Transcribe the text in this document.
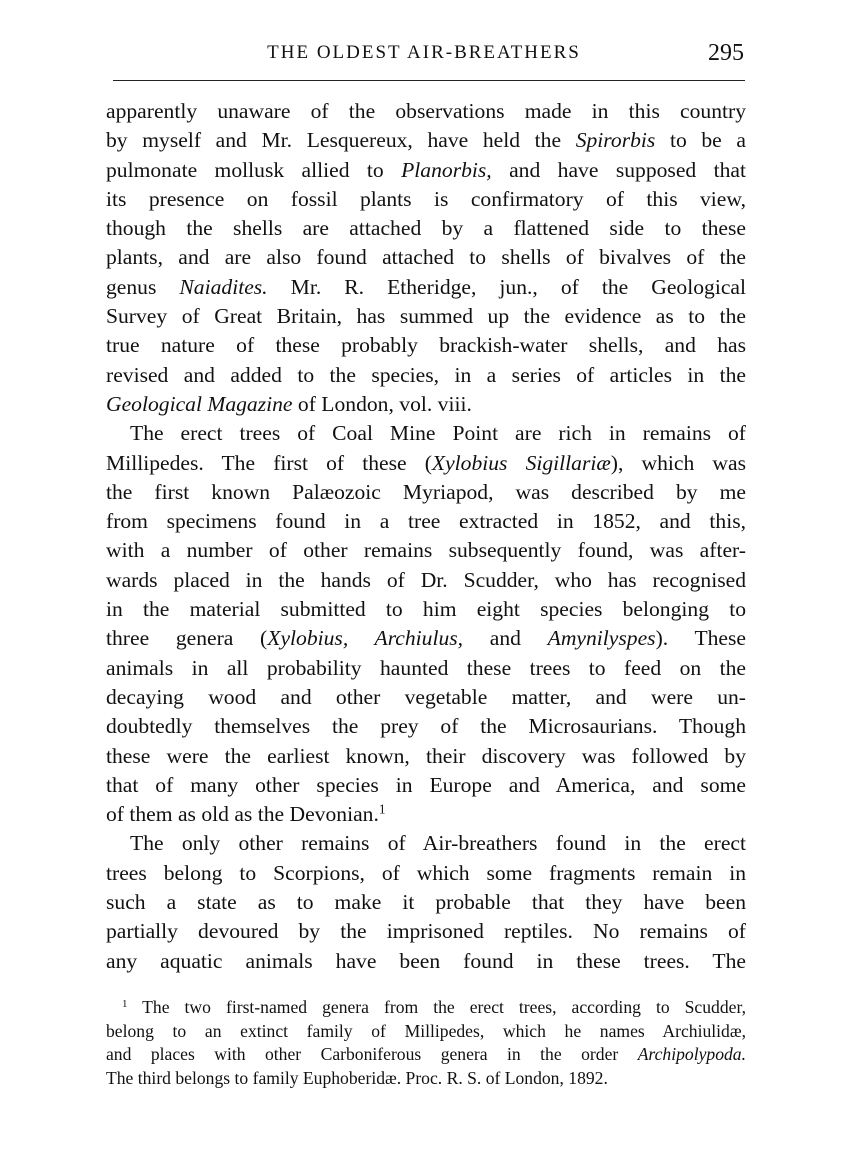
THE OLDEST AIR-BREATHERS	295
apparently unaware of the observations made in this country
by myself and Mr. Lesquereux, have held the Spirorbis to be a
pulmonate mollusk allied to Planorbis, and have supposed that
its presence on fossil plants is confirmatory of this view,
though the shells are attached by a flattened side to these
plants, and are also found attached to shells of bivalves of the
genus Naiadites. Mr. R. Etheridge, jun., of the Geological
Survey of Great Britain, has summed up the evidence as to the
true nature of these probably brackish-water shells, and has
revised and added to the species, in a series of articles in the
Geological Magazine of London, vol. viii.
The erect trees of Coal Mine Point are rich in remains of
Millipedes. The first of these (Xylobius Sigillariæ), which was
the first known Palæozoic Myriapod, was described by me
from specimens found in a tree extracted in 1852, and this,
with a number of other remains subsequently found, was after-
wards placed in the hands of Dr. Scudder, who has recognised
in the material submitted to him eight species belonging to
three genera (Xylobius, Archiulus, and Amynilyspes). These
animals in all probability haunted these trees to feed on the
decaying wood and other vegetable matter, and were un-
doubtedly themselves the prey of the Microsaurians. Though
these were the earliest known, their discovery was followed by
that of many other species in Europe and America, and some
of them as old as the Devonian.$^1$
The only other remains of Air-breathers found in the erect
trees belong to Scorpions, of which some fragments remain in
such a state as to make it probable that they have been
partially devoured by the imprisoned reptiles. No remains of
any aquatic animals have been found in these trees. The
$^1$ The two first-named genera from the erect trees, according to Scudder,
belong to an extinct family of Millipedes, which he names Archiulidæ,
and places with other Carboniferous genera in the order Archipolypoda.
The third belongs to family Euphoberidæ. Proc. R. S. of London, 1892.
